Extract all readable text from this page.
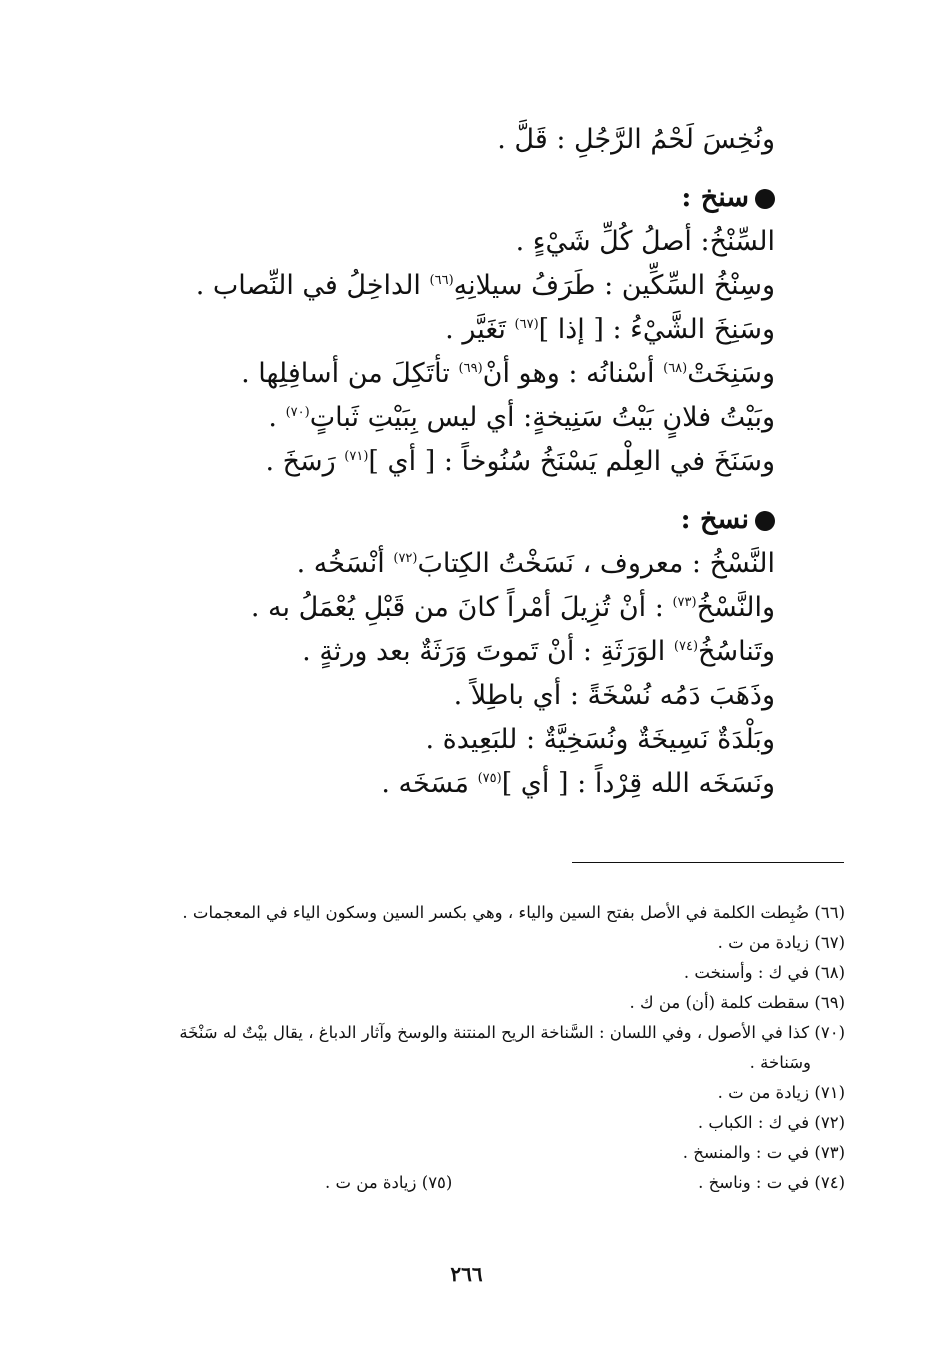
ونُخِسَ لَحْمُ الرَّجُلِ : قَلَّ .
سنخ :
السِّنْخُ: أصلُ كُلِّ شَيْءٍ .
وسِنْخُ السِّكِّين : طَرَفُ سيلانِهِ$^{(٦٦)}$ الداخِلُ في النِّصاب .
وسَنِخَ الشَّيْءُ : [ إذا ]$^{(٦٧)}$ تَغَيَّر .
وسَنِخَتْ$^{(٦٨)}$ أسْنانُه : وهو أنْ$^{(٦٩)}$ تأتَكِلَ من أسافِلِها .
وبَيْتُ فلانٍ بَيْتُ سَنِيخةٍ: أي ليس بِبَيْتِ ثَباتٍ$^{(٧٠)}$ .
وسَنَخَ في العِلْم يَسْنَخُ سُنُوخاً : [ أي ]$^{(٧١)}$ رَسَخَ .
نسخ :
النَّسْخُ : معروف ، نَسَخْتُ الكِتابَ$^{(٧٢)}$ أنْسَخُه .
والنَّسْخُ$^{(٧٣)}$ : أنْ تُزِيلَ أمْراً كانَ من قَبْلِ يُعْمَلُ به .
وتَناسُخُ$^{(٧٤)}$ الوَرَثَةِ : أنْ تَموتَ وَرَثَةٌ بعد ورثةٍ .
وذَهَبَ دَمُه نُسْخَةً : أي باطِلاً .
وبَلْدَةٌ نَسِيخَةٌ ونُسَخِيَّةٌ : للبَعِيدة .
ونَسَخَه الله قِرْداً : [ أي ]$^{(٧٥)}$ مَسَخَه .
(٦٦) ضُبِطت الكلمة في الأصل بفتح السين والياء ، وهي بكسر السين وسكون الياء في المعجمات .
(٦٧) زيادة من ت .
(٦٨) في ك : وأسنخت .
(٦٩) سقطت كلمة (أن) من ك .
(٧٠) كذا في الأصول ، وفي اللسان : السَّناخة الريح المنتنة والوسخ وآثار الدباغ ، يقال بيْتٌ له سَنْخَة
وسَناخة .
(٧١) زيادة من ت .
(٧٢) في ك : الكباب .
(٧٣) في ت : والمنسخ .
(٧٤) في ت : وناسخ .
(٧٥) زيادة من ت .
٢٦٦
